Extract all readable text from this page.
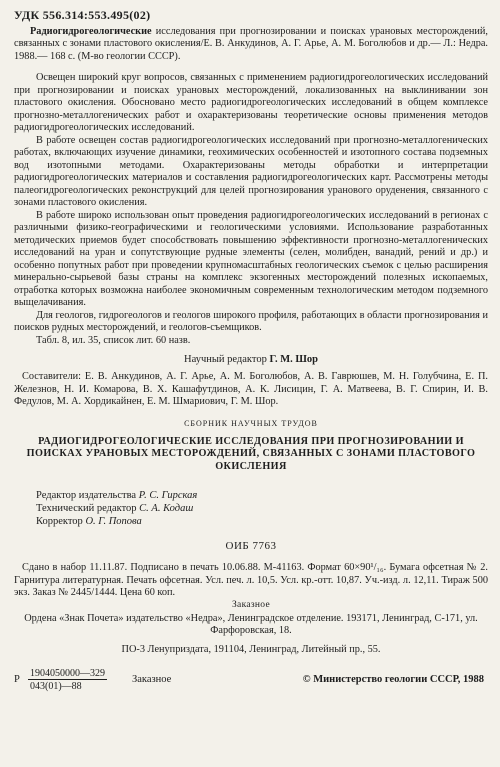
УДК 556.314:553.495(02)

Радиогидрогеологические исследования при прогнозировании и поисках урановых месторождений, связанных с зонами пластового окисления/Е. В. Анкудинов, А. Г. Арье, А. М. Боголюбов и др.— Л.: Недра. 1988.— 168 с. (М-во геологии СССР).

Освещен широкий круг вопросов, связанных с применением радиогидрогеологических исследований при прогнозировании и поисках урановых месторождений, локализованных на выклинивании зон пластового окисления. Обосновано место радиогидрогеологических исследований в общем комплексе прогнозно-металлогенических работ и охарактеризованы теоретические основы применения методов радиогидрогеологических исследований.

В работе освещен состав радиогидрогеологических исследований при прогнозно-металлогенических работах, включающих изучение динамики, геохимических особенностей и изотопного состава подземных вод изотопными методами. Охарактеризованы методы обработки и интерпретации радиогидрогеологических материалов и составления радиогидрогеологических карт. Рассмотрены методы палеогидрогеологических реконструкций для целей прогнозирования уранового оруденения, связанного с зонами пластового окисления.

В работе широко использован опыт проведения радиогидрогеологических исследований в регионах с различными физико-географическими и геологическими условиями. Использование разработанных методических приемов будет способствовать повышению эффективности прогнозно-металлогенических исследований на уран и сопутствующие рудные элементы (селен, молибден, ванадий, рений и др.) и особенно попутных работ при проведении крупномасштабных геологических съемок с целью расширения минерально-сырьевой базы страны на комплекс экзогенных месторождений полезных ископаемых, отработка которых возможна наиболее экономичным современным технологическим методом подземного выщелачивания.

Для геологов, гидрогеологов и геологов широкого профиля, работающих в области прогнозирования и поисков рудных месторождений, и геологов-съемщиков.

Табл. 8, ил. 35, список лит. 60 назв.

Научный редактор Г. М. Шор

Составители: Е. В. Анкудинов, А. Г. Арье, А. М. Боголюбов, А. В. Гаврюшев, М. Н. Голубчина, Е. П. Железнов, Н. И. Комарова, В. Х. Кашафутдинов, А. К. Лисицин, Г. А. Матвеева, В. Г. Спирин, И. В. Федулов, М. А. Хордикайнен, Е. М. Шмариович, Г. М. Шор.

СБОРНИК НАУЧНЫХ ТРУДОВ
РАДИОГИДРОГЕОЛОГИЧЕСКИЕ ИССЛЕДОВАНИЯ ПРИ ПРОГНОЗИРОВАНИИ И ПОИСКАХ УРАНОВЫХ МЕСТОРОЖДЕНИЙ, СВЯЗАННЫХ С ЗОНАМИ ПЛАСТОВОГО ОКИСЛЕНИЯ
Редактор издательства Р. С. Гирская
Технический редактор С. А. Кодаш
Корректор О. Г. Попова
ОИБ 7763

Сдано в набор 11.11.87. Подписано в печать 10.06.88. М-41163. Формат 60×90¹/₁₆. Бумага офсетная № 2. Гарнитура литературная. Печать офсетная. Усл. печ. л. 10,5. Усл. кр.-отт. 10,87. Уч.-изд. л. 12,11. Тираж 500 экз. Заказ № 2445/1444. Цена 60 коп.

Заказное

Ордена «Знак Почета» издательство «Недра», Ленинградское отделение. 193171, Ленинград, С-171, ул. Фарфоровская, 18.

ПО-3 Ленуприздата, 191104, Ленинград, Литейный пр., 55.

Р $\frac{1904050000—329}{043(01)—88}$ Заказное	© Министерство геологии СССР, 1988
